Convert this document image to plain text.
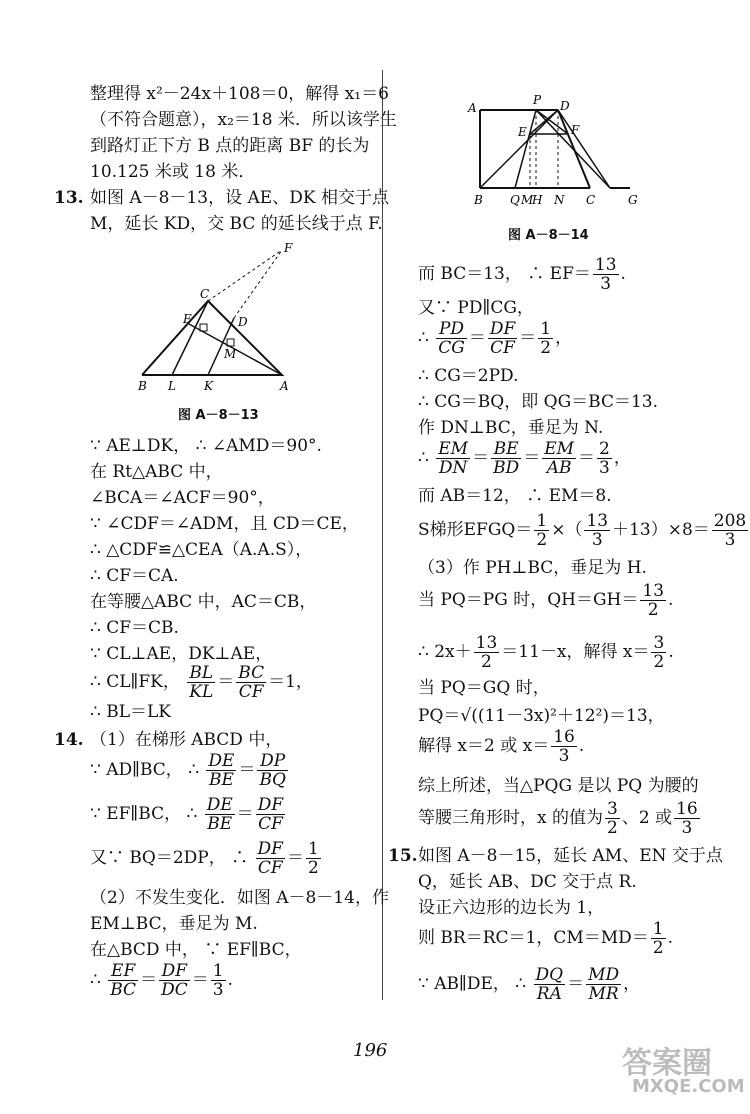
整理得 x²－24x＋108＝0，解得 x₁＝6
（不符合题意），x₂＝18 米．所以该学生
到路灯正下方 B 点的距离 BF 的长为
10.125 米或 18 米．
13. 如图 A－8－13，设 AE、DK 相交于点
M，延长 KD，交 BC 的延长线于点 F.
F
C
E	D
M
B L K	A
图 A－8－13
∵ AE⊥DK， ∴ ∠AMD＝90°.
在 Rt△ABC 中，
∠BCA＝∠ACF＝90°，
∵ ∠CDF＝∠ADM，且 CD＝CE，
∴ △CDF≌△CEA（A.A.S），
∴ CF＝CA.
在等腰△ABC 中，AC＝CB，
∴ CF＝CB.
∵ CL⊥AE，DK⊥AE，
∴ CL∥FK， $\frac{BL}{KL} = \frac{BC}{CF} =1$，
∴ BL＝LK
14. （1）在梯形 ABCD 中，
∵ AD∥BC， ∴ $\frac{DE}{BE} = \frac{DP}{BQ}$
∵ EF∥BC， ∴ $\frac{DE}{BE} = \frac{DF}{CF}$
又∵ BQ＝2DP， ∴ $\frac{DF}{CF} = \frac{1}{2}$
（2）不发生变化．如图 A－8－14，作
EM⊥BC，垂足为 M.
在△BCD 中， ∵ EF∥BC，
∴ $\frac{EF}{BC} = \frac{DF}{DC} = \frac{1}{3}$ .
A
P D
E	F
B Q M
H N C	G
图 A－8－14
而 BC＝13， ∴ $EF= \frac{13}{3}$ .
又∵ PD∥CG，
∴ $\frac{PD}{CG} = \frac{DF}{CF} = \frac{1}{2}$ ，
∴ CG＝2PD.
∴ CG＝BQ，即 QG＝BC＝13.
作 DN⊥BC，垂足为 N.
∴ $\frac{EM}{DN} = \frac{BE}{BD} = \frac{EM}{AB} = \frac{2}{3}$ ，
而 AB＝12， ∴ EM＝8.
S梯形EFGQ＝ $\frac{1}{2}$ ×（ $\frac{13}{3} +13)\times 8= \frac{208}{3}$
（3）作 PH⊥BC，垂足为 H.
当 PQ＝PG 时，$QH=GH= \frac{13}{2}$ .
∴ $2x+ \frac{13}{2} =11-x$，解得 $x= \frac{3}{2}$ .
当 PQ＝GQ 时，
PQ＝√((11－3x)²＋12²)＝13，
解得 x＝2 或 $x= \frac{16}{3}$ .
综上所述，当△PQG 是以 PQ 为腰的
等腰三角形时，x 的值为 $\frac{3}{2}$ 、2 或 $\frac{16}{3}$
15. 如图 A－8－15，延长 AM、EN 交于点
Q，延长 AB、DC 交于点 R.
设正六边形的边长为 1，
则 BR＝RC＝1，$CM=MD= \frac{1}{2}$ .
∵ AB∥DE， ∴ $\frac{DQ}{RA} = \frac{MD}{MR}$ ，
196	答案圈
MXQE.COM
